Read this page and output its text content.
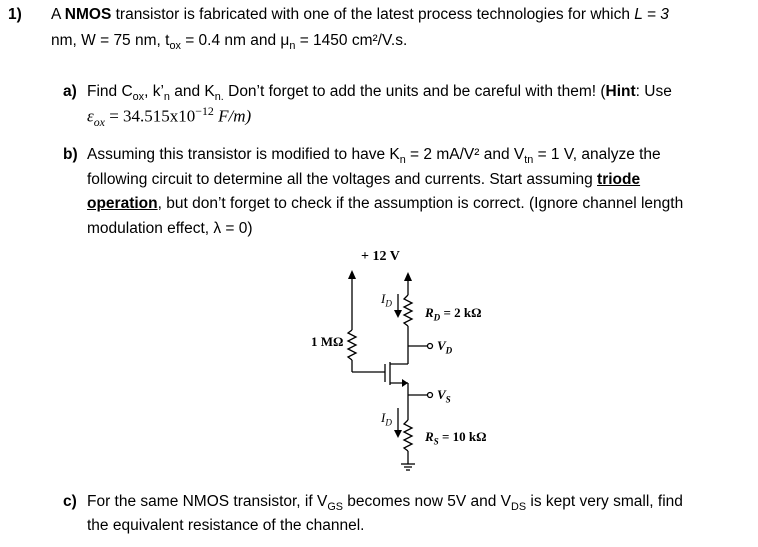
1) A NMOS transistor is fabricated with one of the latest process technologies for which L = 3
nm, W = 75 nm, $t_{ox} = 0.4$ nm and $\mu_n = 1450$ cm²/V.s.
a) Find $C_{ox}$, $k’_n$ and $K_{n.}$ Don’t forget to add the units and be careful with them! (Hint: Use
$\varepsilon_{ox} = 34.515x10^{-12}$ F/m)
b) Assuming this transistor is modified to have $K_n = 2$ mA/V² and $V_{tn} = 1$ V, analyze the
following circuit to determine all the voltages and currents. Start assuming triode
operation, but don’t forget to check if the assumption is correct. (Ignore channel length
modulation effect, λ = 0)
+ 12 V
1 MΩ
$I_D$
$R_D = 2$ kΩ
$V_D$
$V_S$
$I_D$
$R_S = 10$ kΩ
c) For the same NMOS transistor, if $V_{GS}$ becomes now 5V and $V_{DS}$ is kept very small, find
the equivalent resistance of the channel.
